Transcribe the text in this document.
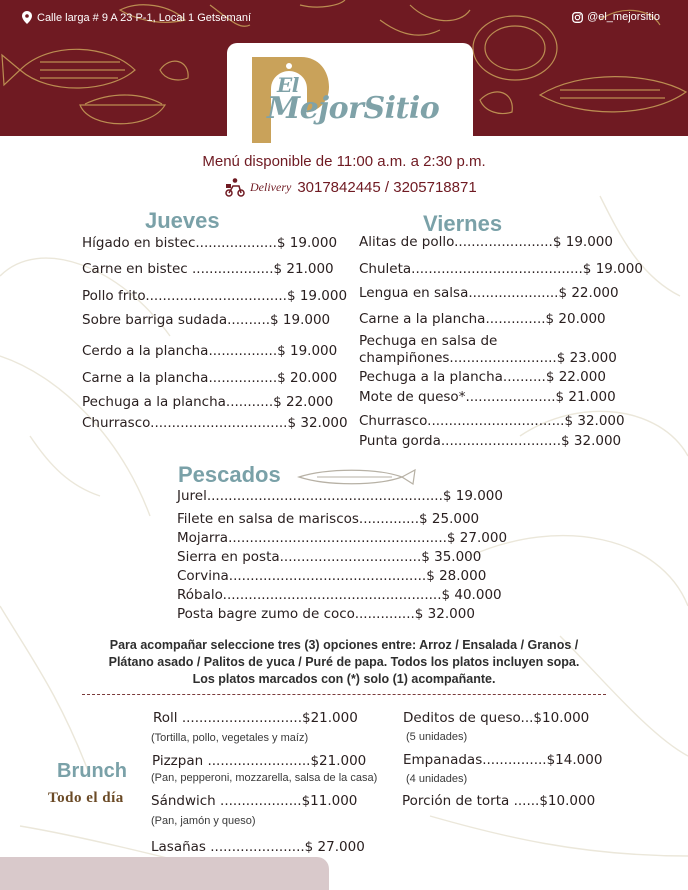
Calle larga # 9 A 23 P-1, Local 1 Getsemaní	@el_mejorsitio
El
MejorSitio
Menú disponible de 11:00 a.m. a 2:30 p.m.
Delivery 3017842445 / 3205718871
Jueves
Hígado en bistec...................$ 19.000
Carne en bistec ...................$ 21.000
Pollo frito.................................$ 19.000
Sobre barriga sudada..........$ 19.000
Cerdo a la plancha................$ 19.000
Carne a la plancha................$ 20.000
Pechuga a la plancha...........$ 22.000
Churrasco................................$ 32.000
Viernes
Alitas de pollo.......................$ 19.000
Chuleta........................................$ 19.000
Lengua en salsa.....................$ 22.000
Carne a la plancha..............$ 20.000
Pechuga en salsa de
champiñones.........................$ 23.000
Pechuga a la plancha..........$ 22.000
Mote de queso*.....................$ 21.000
Churrasco................................$ 32.000
Punta gorda............................$ 32.000
Pescados
Jurel.......................................................$ 19.000
Filete en salsa de mariscos..............$ 25.000
Mojarra...................................................$ 27.000
Sierra en posta.................................$ 35.000
Corvina..............................................$ 28.000
Róbalo...................................................$ 40.000
Posta bagre zumo de coco..............$ 32.000
Para acompañar seleccione tres (3) opciones entre: Arroz / Ensalada / Granos /
Plátano asado / Palitos de yuca / Puré de papa. Todos los platos incluyen sopa.
Los platos marcados con (*) solo (1) acompañante.
Brunch
Todo el día
Roll ............................$21.000
(Tortilla, pollo, vegetales y maíz)
Pizzpan ........................$21.000
(Pan, pepperoni, mozzarella, salsa de la casa)
Sándwich ...................$11.000
(Pan, jamón y queso)
Lasañas ......................$ 27.000
Deditos de queso...$10.000
(5 unidades)
Empanadas...............$14.000
(4 unidades)
Porción de torta ......$10.000
